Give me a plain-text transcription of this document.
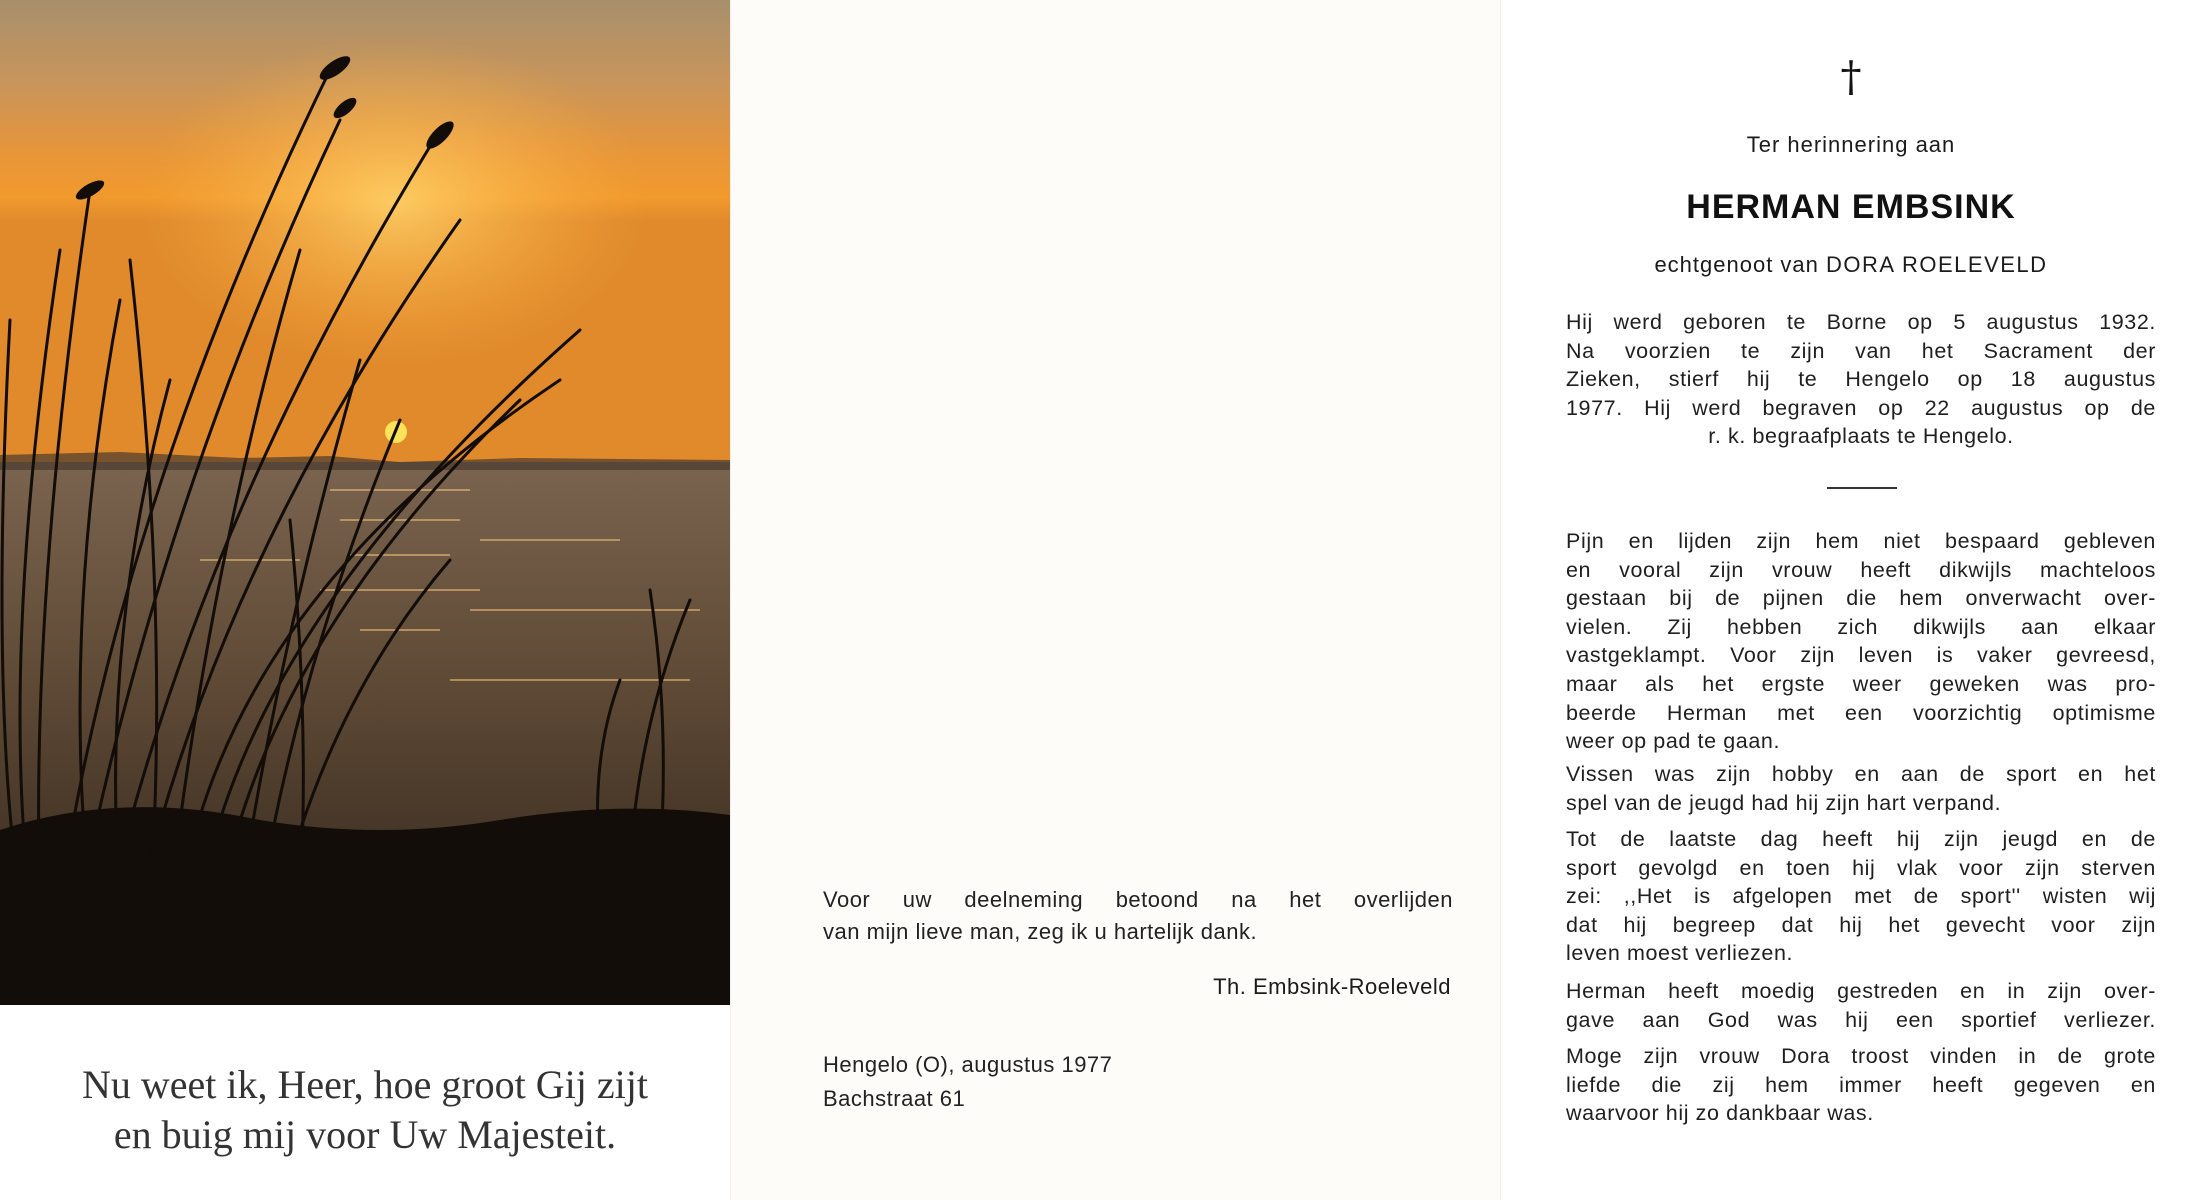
Nu weet ik, Heer, hoe groot Gij zijt
en buig mij voor Uw Majesteit.
Voor uw deelneming betoond na het overlijden
van mijn lieve man, zeg ik u hartelijk dank.
Th. Embsink-Roeleveld
Hengelo (O), augustus 1977
Bachstraat 61
†
Ter herinnering aan
HERMAN EMBSINK
echtgenoot van DORA ROELEVELD
Hij werd geboren te Borne op 5 augustus 1932.
Na voorzien te zijn van het Sacrament der
Zieken, stierf hij te Hengelo op 18 augustus
1977. Hij werd begraven op 22 augustus op de
r. k. begraafplaats te Hengelo.
Pijn en lijden zijn hem niet bespaard gebleven
en vooral zijn vrouw heeft dikwijls machteloos
gestaan bij de pijnen die hem onverwacht over-
vielen. Zij hebben zich dikwijls aan elkaar
vastgeklampt. Voor zijn leven is vaker gevreesd,
maar als het ergste weer geweken was pro-
beerde Herman met een voorzichtig optimisme
weer op pad te gaan.
Vissen was zijn hobby en aan de sport en het
spel van de jeugd had hij zijn hart verpand.
Tot de laatste dag heeft hij zijn jeugd en de
sport gevolgd en toen hij vlak voor zijn sterven
zei: ,,Het is afgelopen met de sport'' wisten wij
dat hij begreep dat hij het gevecht voor zijn
leven moest verliezen.
Herman heeft moedig gestreden en in zijn over-
gave aan God was hij een sportief verliezer.
Moge zijn vrouw Dora troost vinden in de grote
liefde die zij hem immer heeft gegeven en
waarvoor hij zo dankbaar was.
